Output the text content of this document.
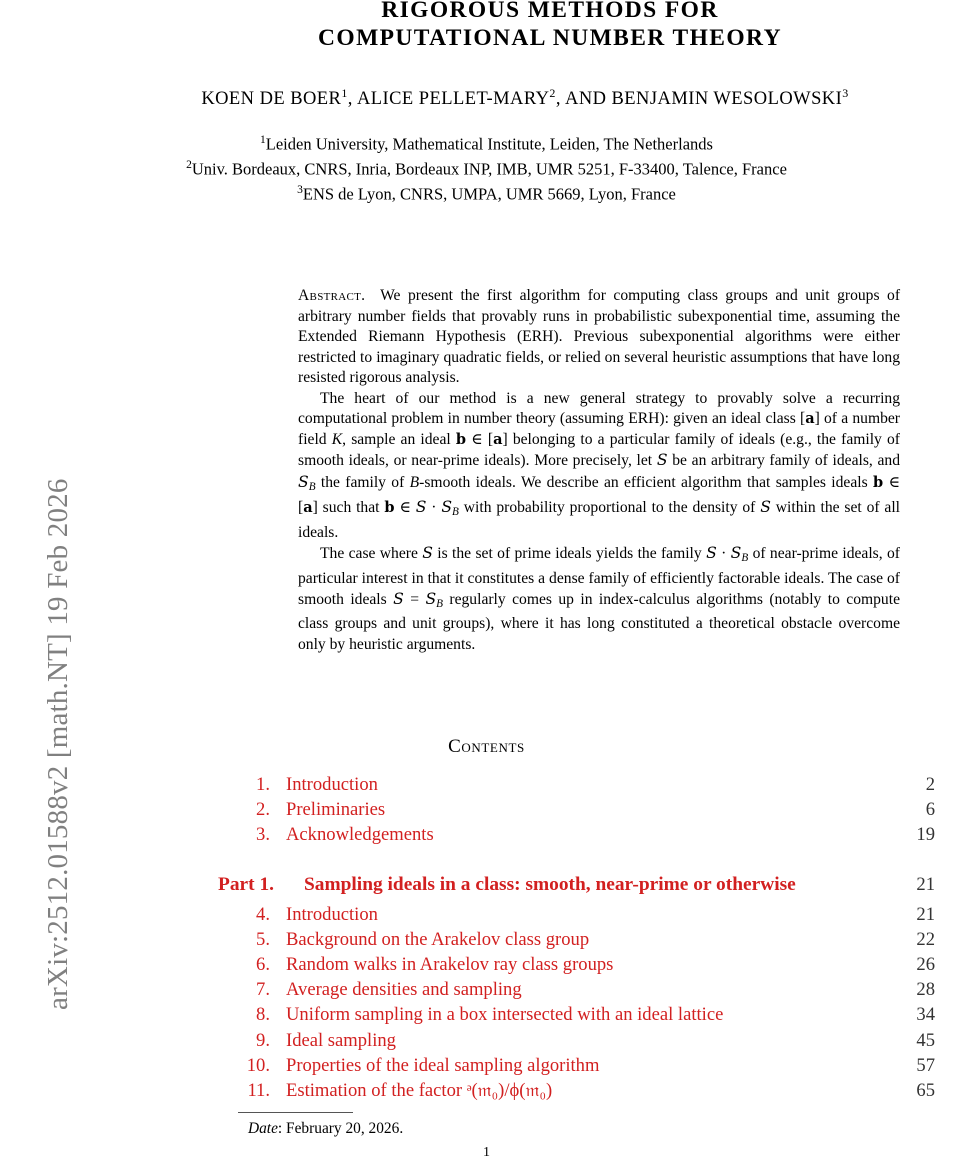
arXiv:2512.01588v2 [math.NT] 19 Feb 2026
RIGOROUS METHODS FOR
COMPUTATIONAL NUMBER THEORY
KOEN DE BOER$^1$, ALICE PELLET-MARY$^2$, AND BENJAMIN WESOLOWSKI$^3$
$^1$Leiden University, Mathematical Institute, Leiden, The Netherlands
$^2$Univ. Bordeaux, CNRS, Inria, Bordeaux INP, IMB, UMR 5251, F-33400, Talence, France
$^3$ENS de Lyon, CNRS, UMPA, UMR 5669, Lyon, France

Abstract. We present the first algorithm for computing class groups and unit groups of arbitrary number fields that provably runs in probabilistic subexponential time, assuming the Extended Riemann Hypothesis (ERH). Previous subexponential algorithms were either restricted to imaginary quadratic fields, or relied on several heuristic assumptions that have long resisted rigorous analysis.

The heart of our method is a new general strategy to provably solve a recurring computational problem in number theory (assuming ERH): given an ideal class [a] of a number field K, sample an ideal b ∈ [a] belonging to a particular family of ideals (e.g., the family of smooth ideals, or near-prime ideals). More precisely, let S be an arbitrary family of ideals, and $S_B$ the family of B-smooth ideals. We describe an efficient algorithm that samples ideals b ∈ [a] such that b ∈ $S \cdot S_B$ with probability proportional to the density of S within the set of all ideals.

The case where S is the set of prime ideals yields the family $S \cdot S_B$ of near-prime ideals, of particular interest in that it constitutes a dense family of efficiently factorable ideals. The case of smooth ideals $S = S_B$ regularly comes up in index-calculus algorithms (notably to compute class groups and unit groups), where it has long constituted a theoretical obstacle overcome only by heuristic arguments.

Contents
1. Introduction	2
2. Preliminaries	6
3. Acknowledgements	19
Part 1. Sampling ideals in a class: smooth, near-prime or otherwise	21
4. Introduction	21
5. Background on the Arakelov class group	22
6. Random walks in Arakelov ray class groups	26
7. Average densities and sampling	28
8. Uniform sampling in a box intersected with an ideal lattice	34
9. Ideal sampling	45
10. Properties of the ideal sampling algorithm	57
11. Estimation of the factor ᵊ(𝔪₀)/ϕ(𝔪₀)	65
Date: February 20, 2026.
1
